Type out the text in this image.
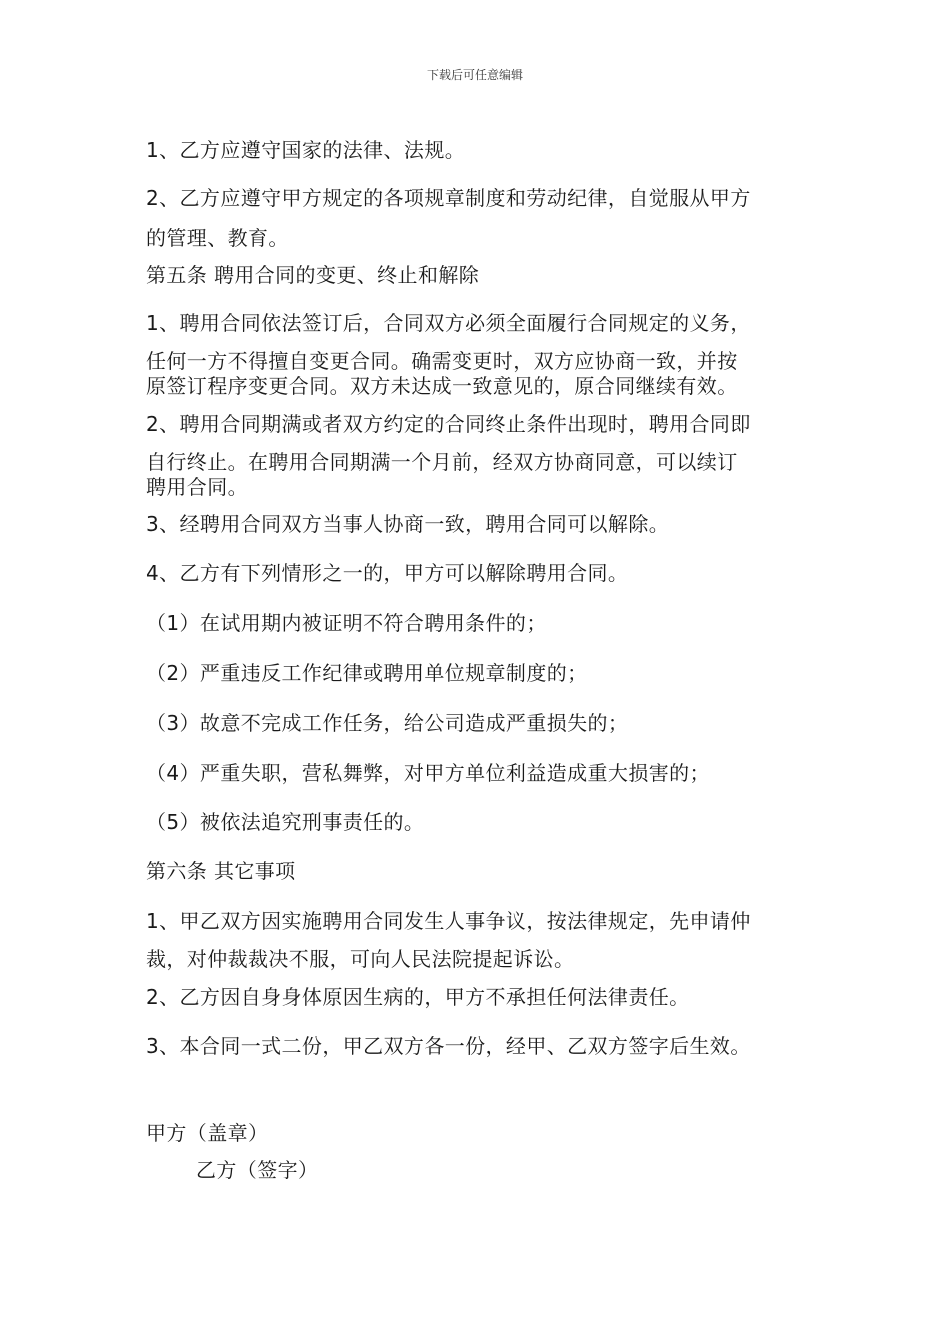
下载后可任意编辑
1、乙方应遵守国家的法律、法规。
2、乙方应遵守甲方规定的各项规章制度和劳动纪律，自觉服从甲方
的管理、教育。
第五条 聘用合同的变更、终止和解除
1、聘用合同依法签订后，合同双方必须全面履行合同规定的义务，
任何一方不得擅自变更合同。确需变更时，双方应协商一致，并按
原签订程序变更合同。双方未达成一致意见的，原合同继续有效。
2、聘用合同期满或者双方约定的合同终止条件出现时，聘用合同即
自行终止。在聘用合同期满一个月前，经双方协商同意，可以续订
聘用合同。
3、经聘用合同双方当事人协商一致，聘用合同可以解除。
4、乙方有下列情形之一的，甲方可以解除聘用合同。
（1）在试用期内被证明不符合聘用条件的；
（2）严重违反工作纪律或聘用单位规章制度的；
（3）故意不完成工作任务，给公司造成严重损失的；
（4）严重失职，营私舞弊，对甲方单位利益造成重大损害的；
（5）被依法追究刑事责任的。
第六条 其它事项
1、甲乙双方因实施聘用合同发生人事争议，按法律规定，先申请仲
裁，对仲裁裁决不服，可向人民法院提起诉讼。
2、乙方因自身身体原因生病的，甲方不承担任何法律责任。
3、本合同一式二份，甲乙双方各一份，经甲、乙双方签字后生效。
甲方（盖章）
乙方（签字）
